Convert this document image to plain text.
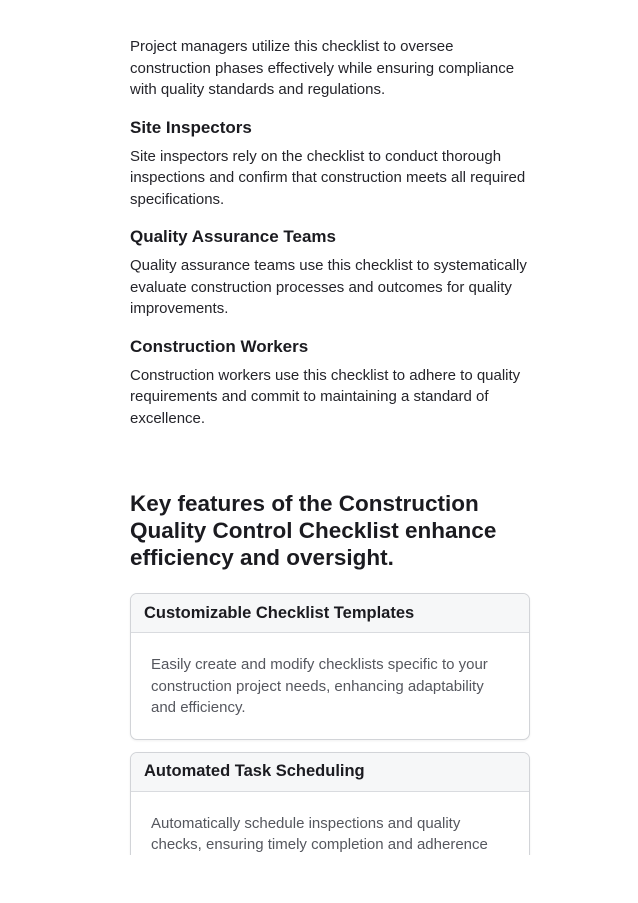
Project managers utilize this checklist to oversee construction phases effectively while ensuring compliance with quality standards and regulations.

Site Inspectors

Site inspectors rely on the checklist to conduct thorough inspections and confirm that construction meets all required specifications.

Quality Assurance Teams

Quality assurance teams use this checklist to systematically evaluate construction processes and outcomes for quality improvements.

Construction Workers

Construction workers use this checklist to adhere to quality requirements and commit to maintaining a standard of excellence.

Key features of the Construction Quality Control Checklist enhance efficiency and oversight.
Customizable Checklist Templates
Easily create and modify checklists specific to your construction project needs, enhancing adaptability and efficiency.
Automated Task Scheduling
Automatically schedule inspections and quality checks, ensuring timely completion and adherence
